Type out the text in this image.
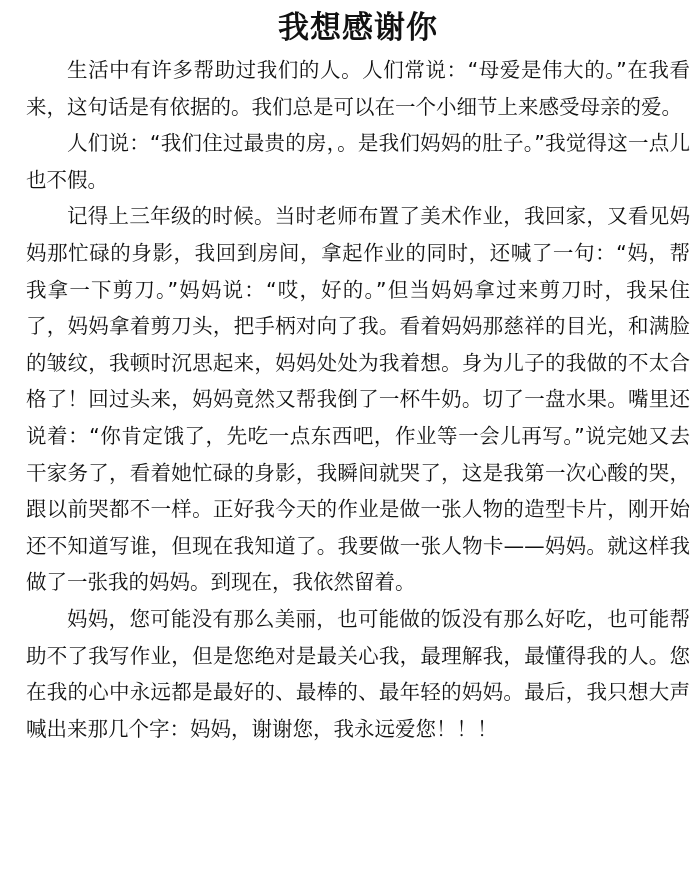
我想感谢你

生活中有许多帮助过我们的人。人们常说：“母爱是伟大的。”在我看来，这句话是有依据的。我们总是可以在一个小细节上来感受母亲的爱。

人们说：“我们住过最贵的房，。是我们妈妈的肚子。”我觉得这一点儿也不假。

记得上三年级的时候。当时老师布置了美术作业，我回家，又看见妈妈那忙碌的身影，我回到房间，拿起作业的同时，还喊了一句：“妈，帮我拿一下剪刀。”妈妈说：“哎，好的。”但当妈妈拿过来剪刀时，我呆住了，妈妈拿着剪刀头，把手柄对向了我。看着妈妈那慈祥的目光，和满脸的皱纹，我顿时沉思起来，妈妈处处为我着想。身为儿子的我做的不太合格了！回过头来，妈妈竟然又帮我倒了一杯牛奶。切了一盘水果。嘴里还说着：“你肯定饿了，先吃一点东西吧，作业等一会儿再写。”说完她又去干家务了，看着她忙碌的身影，我瞬间就哭了，这是我第一次心酸的哭，跟以前哭都不一样。正好我今天的作业是做一张人物的造型卡片，刚开始还不知道写谁，但现在我知道了。我要做一张人物卡——妈妈。就这样我做了一张我的妈妈。到现在，我依然留着。

妈妈，您可能没有那么美丽，也可能做的饭没有那么好吃，也可能帮助不了我写作业，但是您绝对是最关心我，最理解我，最懂得我的人。您在我的心中永远都是最好的、最棒的、最年轻的妈妈。最后，我只想大声喊出来那几个字：妈妈，谢谢您，我永远爱您！！！
